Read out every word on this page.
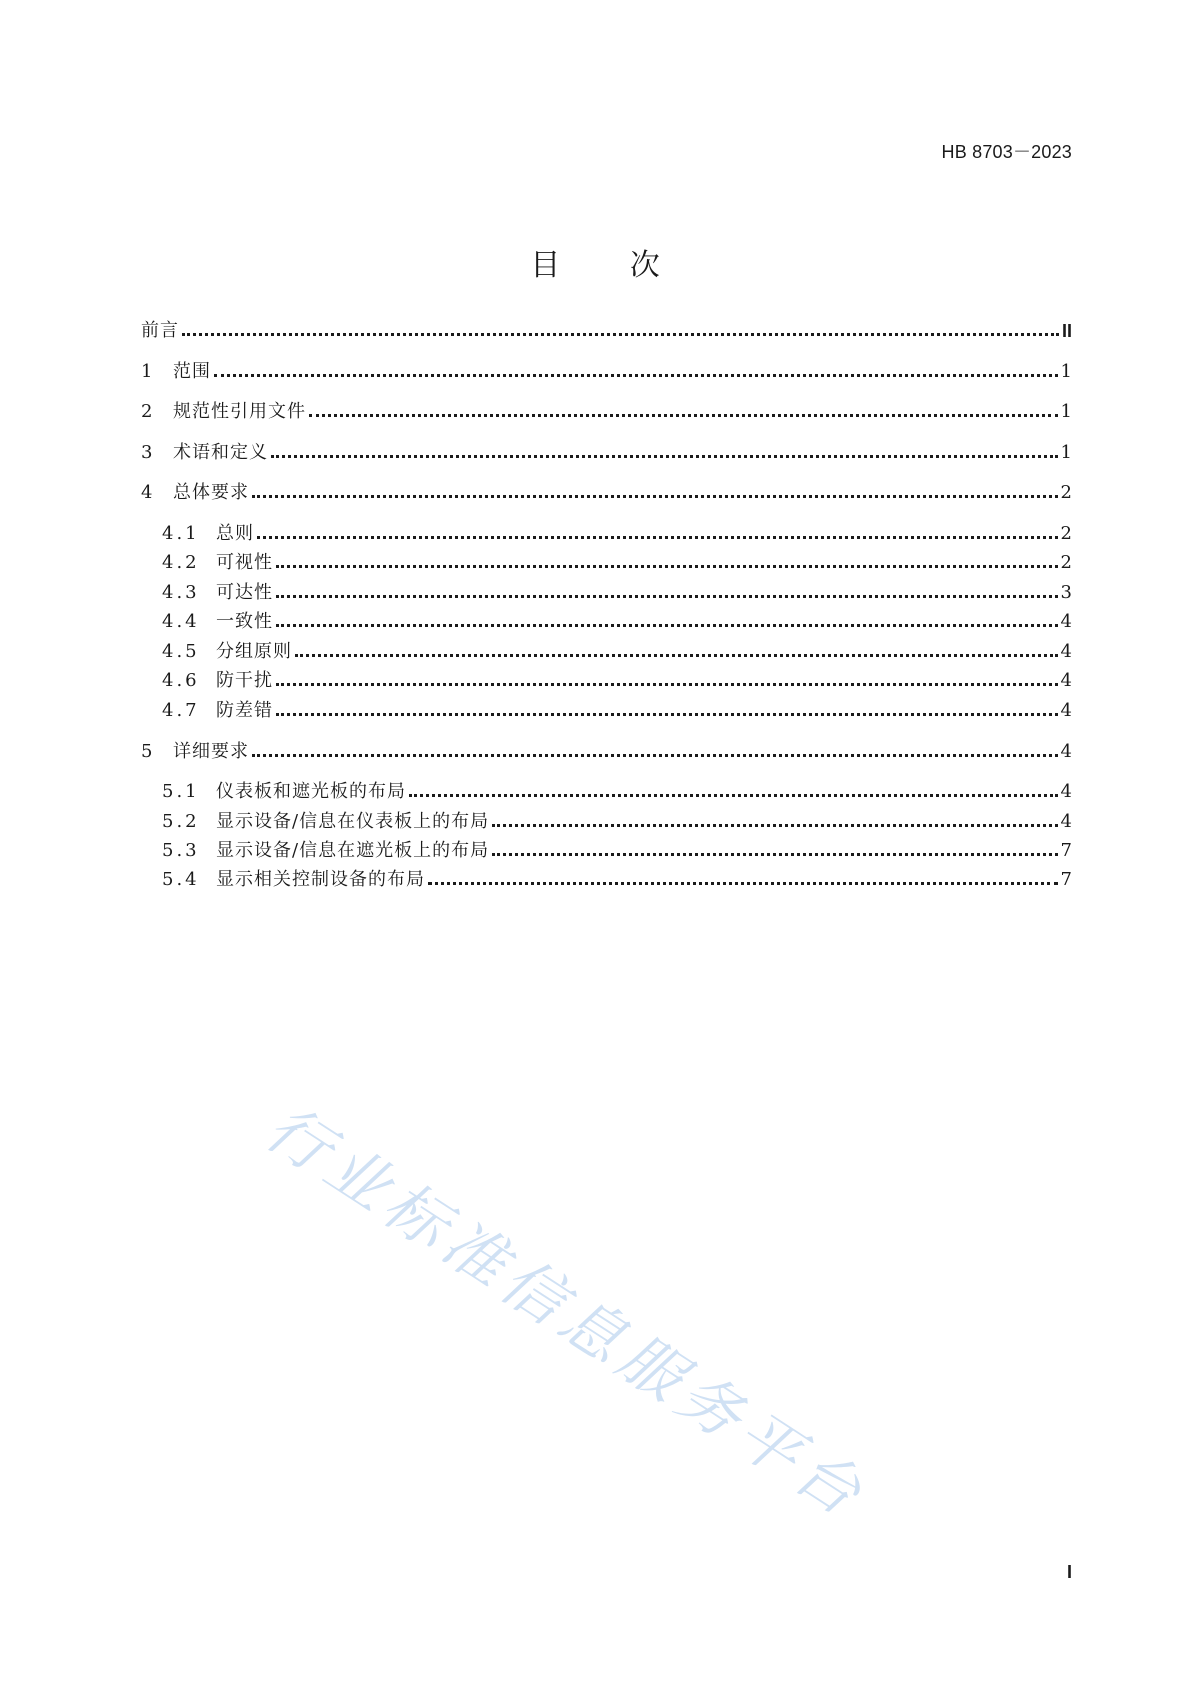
HB 8703－2023
目 次
前言	II
1	范围	1
2	规范性引用文件	1
3	术语和定义	1
4	总体要求	2
4.1 总则	2
4.2 可视性	2
4.3 可达性	3
4.4 一致性	4
4.5 分组原则	4
4.6 防干扰	4
4.7 防差错	4
5	详细要求	4
5.1 仪表板和遮光板的布局	4
5.2 显示设备/信息在仪表板上的布局	4
5.3 显示设备/信息在遮光板上的布局	7
5.4 显示相关控制设备的布局	7
行业标准信息服务平台
I
